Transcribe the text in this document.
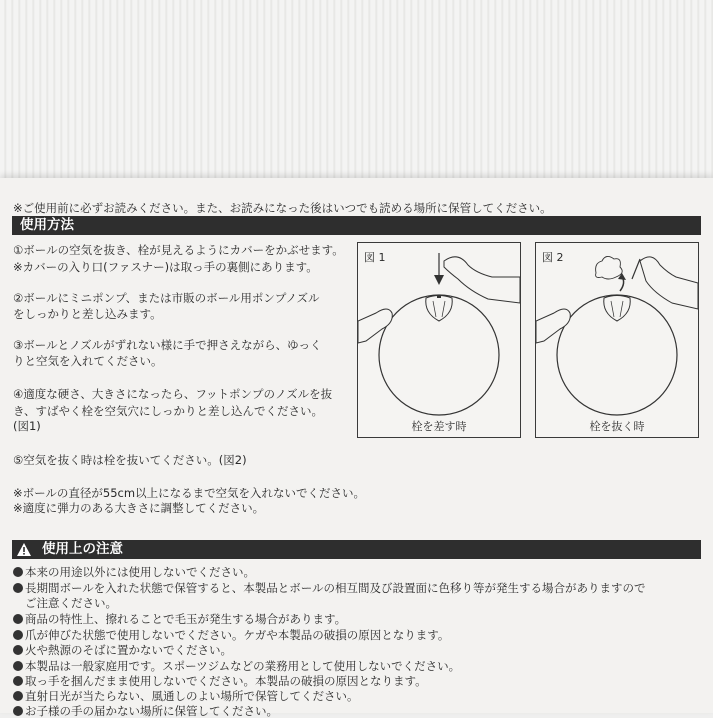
※ご使用前に必ずお読みください。また、お読みになった後はいつでも読める場所に保管してください。
使用方法
①ボールの空気を抜き、栓が見えるようにカバーをかぶせます。
※カバーの入り口(ファスナー)は取っ手の裏側にあります。
②ボールにミニポンプ、または市販のボール用ポンプノズル
をしっかりと差し込みます。
③ボールとノズルがずれない様に手で押さえながら、ゆっく
りと空気を入れてください。
④適度な硬さ、大きさになったら、フットポンプのノズルを抜
き、すばやく栓を空気穴にしっかりと差し込んでください。
(図1)
⑤空気を抜く時は栓を抜いてください。(図2)
※ボールの直径が55cm以上になるまで空気を入れないでください。
※適度に弾力のある大きさに調整してください。
図 1
栓を差す時
図 2
栓を抜く時
使用上の注意
本来の用途以外には使用しないでください。
長期間ボールを入れた状態で保管すると、本製品とボールの相互間及び設置面に色移り等が発生する場合がありますので
ご注意ください。
商品の特性上、擦れることで毛玉が発生する場合があります。
爪が伸びた状態で使用しないでください。ケガや本製品の破損の原因となります。
火や熱源のそばに置かないでください。
本製品は一般家庭用です。スポーツジムなどの業務用として使用しないでください。
取っ手を掴んだまま使用しないでください。本製品の破損の原因となります。
直射日光が当たらない、風通しのよい場所で保管してください。
お子様の手の届かない場所に保管してください。
